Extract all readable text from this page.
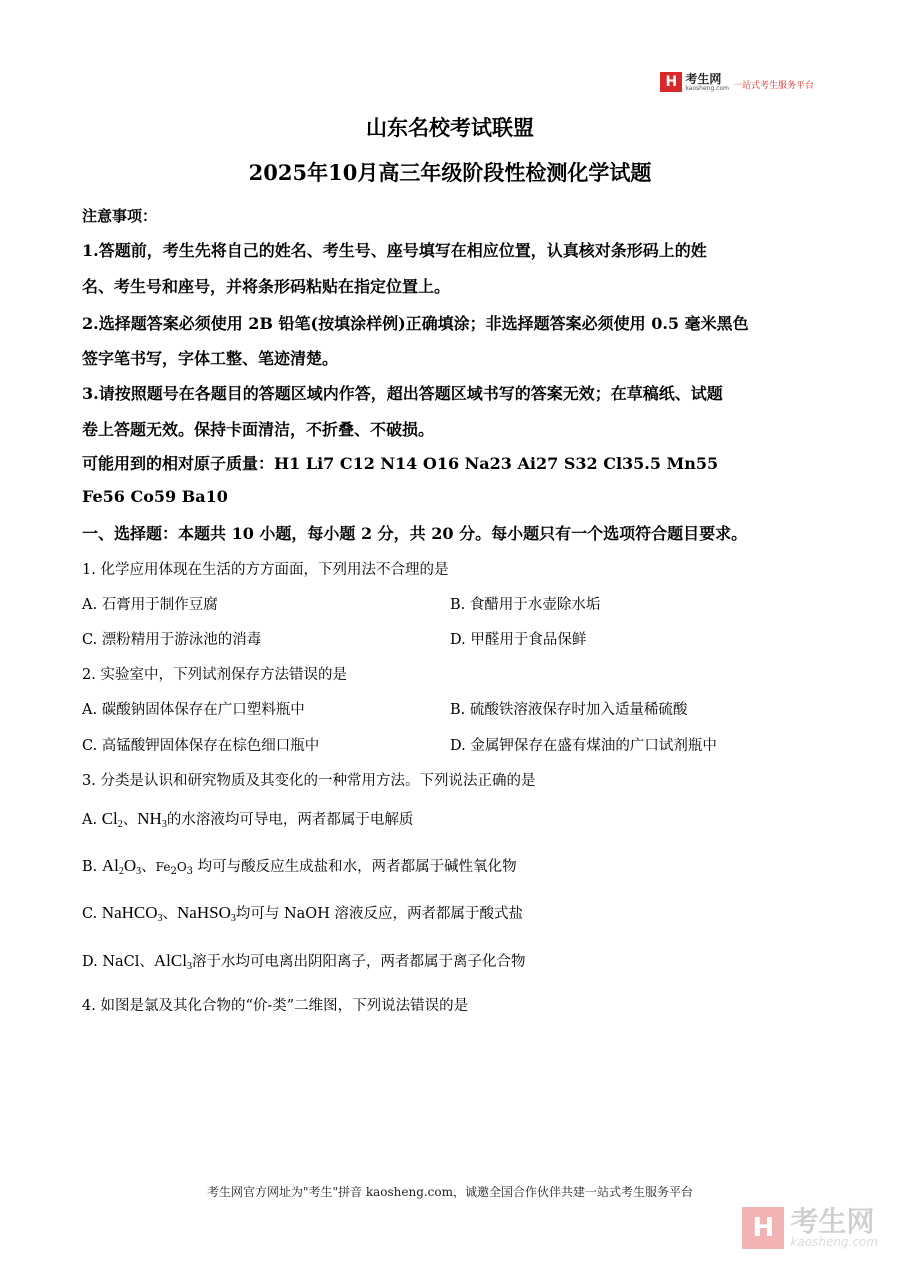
H 考生网
kaosheng.com 一站式考生服务平台
山东名校考试联盟
2025年10月高三年级阶段性检测化学试题
注意事项：
1.答题前，考生先将自己的姓名、考生号、座号填写在相应位置，认真核对条形码上的姓
名、考生号和座号，并将条形码粘贴在指定位置上。
2.选择题答案必须使用 2B 铅笔(按填涂样例)正确填涂；非选择题答案必须使用 0.5 毫米黑色
签字笔书写，字体工整、笔迹清楚。
3.请按照题号在各题目的答题区域内作答，超出答题区域书写的答案无效；在草稿纸、试题
卷上答题无效。保持卡面清洁，不折叠、不破损。
可能用到的相对原子质量：H1 Li7 C12 N14 O16 Na23 Ai27 S32 Cl35.5 Mn55
Fe56 Co59 Ba10
一、选择题：本题共 10 小题，每小题 2 分，共 20 分。每小题只有一个选项符合题目要求。
1. 化学应用体现在生活的方方面面，下列用法不合理的是
A. 石膏用于制作豆腐	B. 食醋用于水壶除水垢
C. 漂粉精用于游泳池的消毒	D. 甲醛用于食品保鲜
2. 实验室中，下列试剂保存方法错误的是
A. 碳酸钠固体保存在广口塑料瓶中	B. 硫酸铁溶液保存时加入适量稀硫酸
C. 高锰酸钾固体保存在棕色细口瓶中	D. 金属钾保存在盛有煤油的广口试剂瓶中
3. 分类是认识和研究物质及其变化的一种常用方法。下列说法正确的是
A. $Cl_2$、$NH_3$的水溶液均可导电，两者都属于电解质
B. $Al_2O_3$、$Fe_2O_3$ 均可与酸反应生成盐和水，两者都属于碱性氧化物
C. NaHCO$_3$、NaHSO$_3$均可与 NaOH 溶液反应，两者都属于酸式盐
D. NaCl、AlCl$_3$溶于水均可电离出阴阳离子，两者都属于离子化合物
4. 如图是氯及其化合物的“价-类”二维图，下列说法错误的是
考生网官方网址为"考生"拼音 kaosheng.com，诚邀全国合作伙伴共建一站式考生服务平台
H 考生网
kaosheng.com
